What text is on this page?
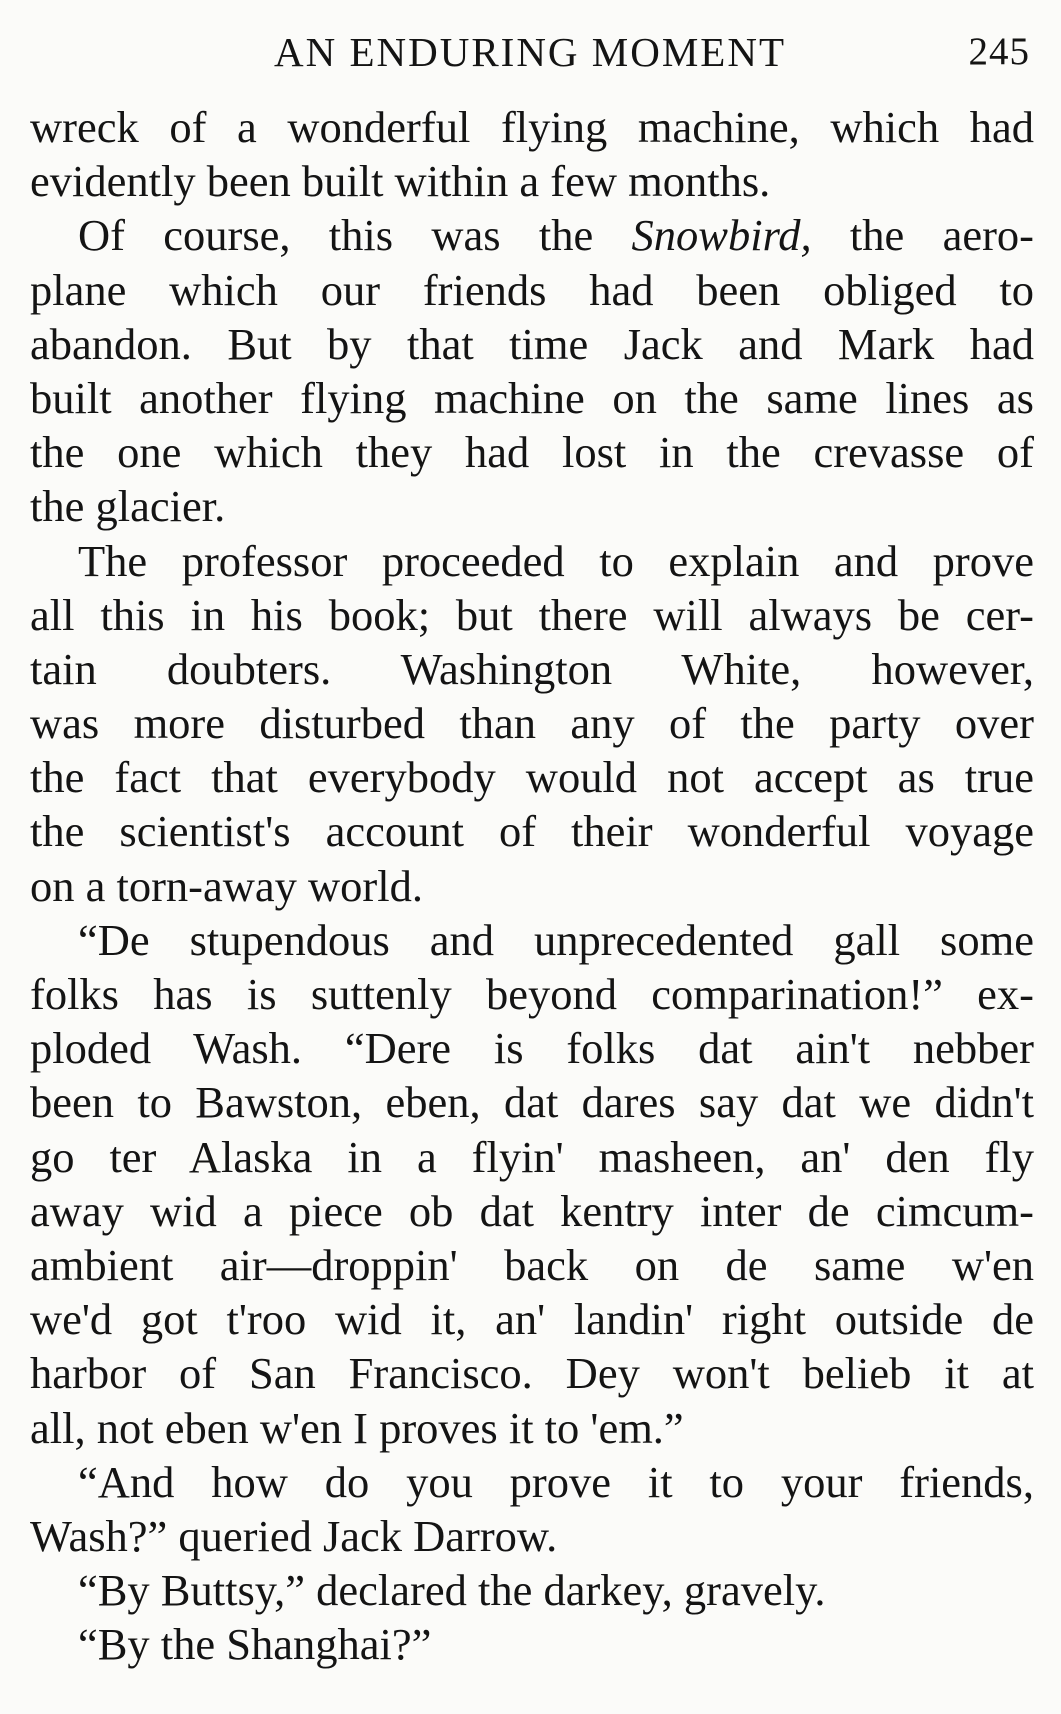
AN ENDURING MOMENT	245
wreck of a wonderful flying machine, which had
evidently been built within a few months.
Of course, this was the Snowbird, the aero-
plane which our friends had been obliged to
abandon. But by that time Jack and Mark had
built another flying machine on the same lines as
the one which they had lost in the crevasse of
the glacier.
The professor proceeded to explain and prove
all this in his book; but there will always be cer-
tain doubters. Washington White, however,
was more disturbed than any of the party over
the fact that everybody would not accept as true
the scientist's account of their wonderful voyage
on a torn-away world.
“De stupendous and unprecedented gall some
folks has is suttenly beyond comparination!” ex-
ploded Wash. “Dere is folks dat ain't nebber
been to Bawston, eben, dat dares say dat we didn't
go ter Alaska in a flyin' masheen, an' den fly
away wid a piece ob dat kentry inter de cimcum-
ambient air—droppin' back on de same w'en
we'd got t'roo wid it, an' landin' right outside de
harbor of San Francisco. Dey won't belieb it at
all, not eben w'en I proves it to 'em.”
“And how do you prove it to your friends,
Wash?” queried Jack Darrow.
“By Buttsy,” declared the darkey, gravely.
“By the Shanghai?”
